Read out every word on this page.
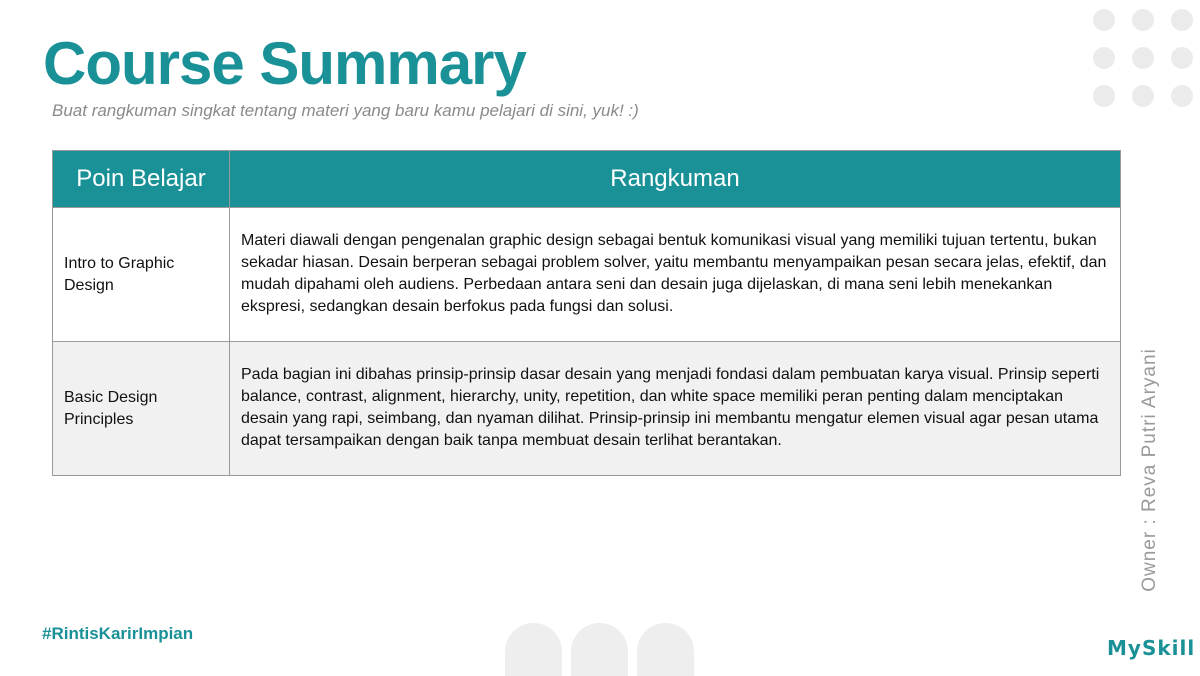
Course Summary
Buat rangkuman singkat tentang materi yang baru kamu pelajari di sini, yuk! :)
Poin Belajar	Rangkuman
Intro to Graphic Design	Materi diawali dengan pengenalan graphic design sebagai bentuk komunikasi visual yang memiliki tujuan tertentu, bukan sekadar hiasan. Desain berperan sebagai problem solver, yaitu membantu menyampaikan pesan secara jelas, efektif, dan mudah dipahami oleh audiens. Perbedaan antara seni dan desain juga dijelaskan, di mana seni lebih menekankan ekspresi, sedangkan desain berfokus pada fungsi dan solusi.
Basic Design Principles	Pada bagian ini dibahas prinsip-prinsip dasar desain yang menjadi fondasi dalam pembuatan karya visual. Prinsip seperti balance, contrast, alignment, hierarchy, unity, repetition, dan white space memiliki peran penting dalam menciptakan desain yang rapi, seimbang, dan nyaman dilihat. Prinsip-prinsip ini membantu mengatur elemen visual agar pesan utama dapat tersampaikan dengan baik tanpa membuat desain terlihat berantakan.	Owner : Reva Putri Aryani
#RintisKarirImpian
MySkill
